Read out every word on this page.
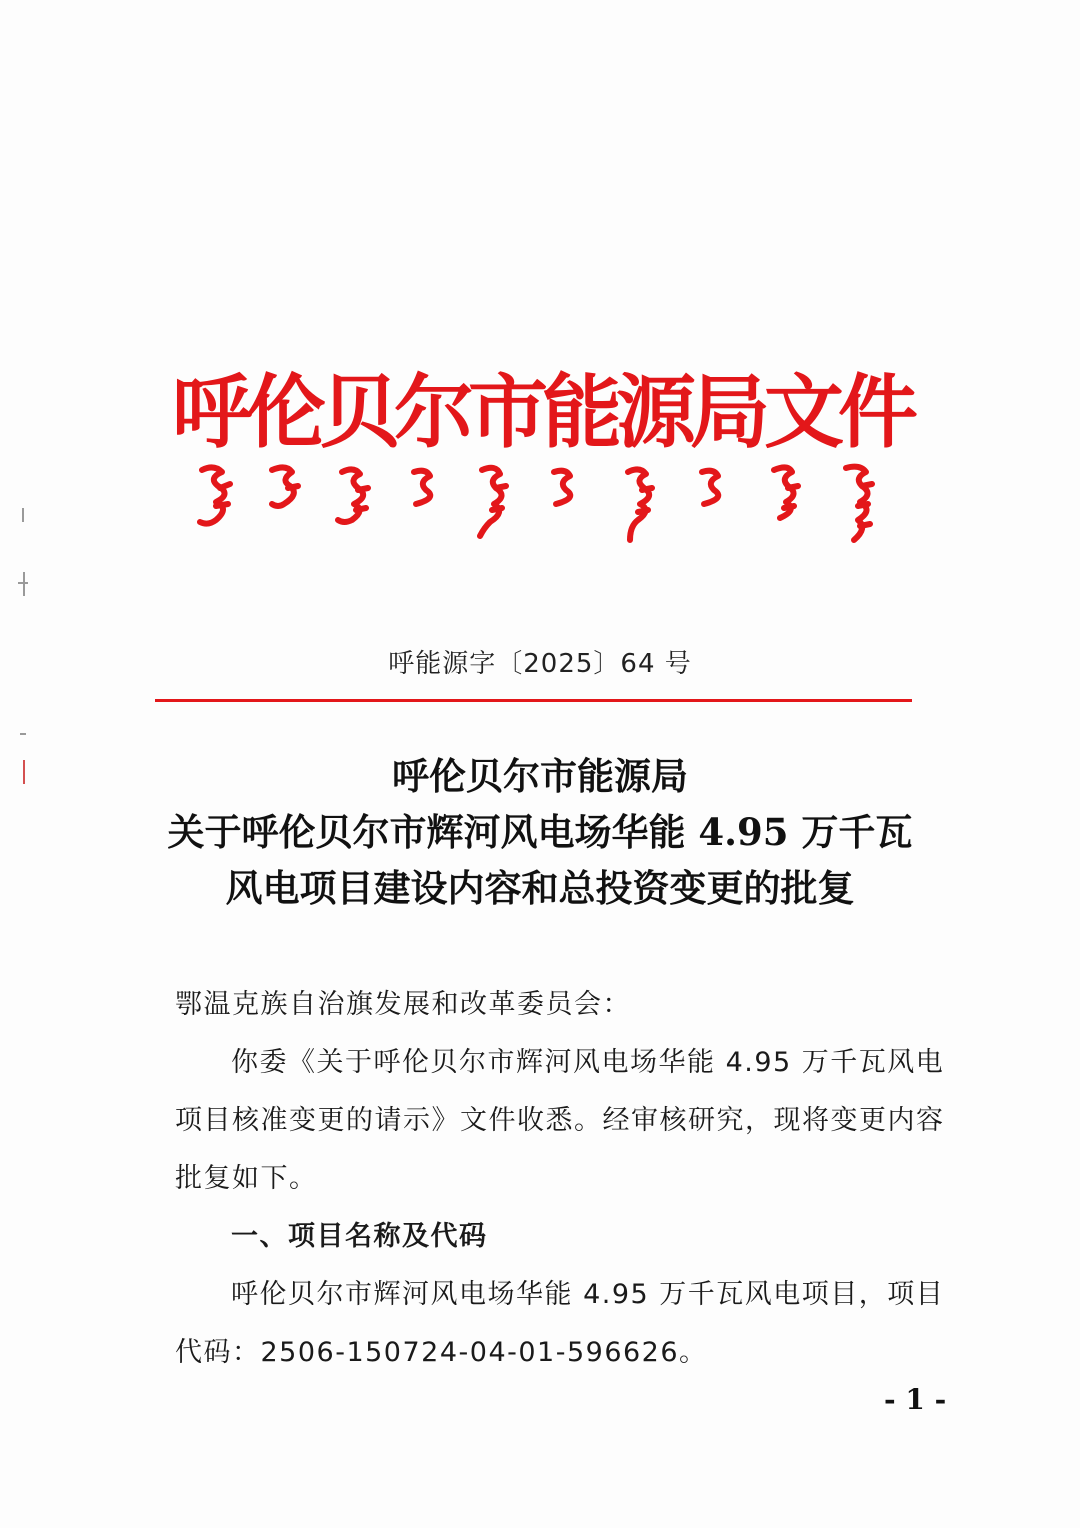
呼伦贝尔市能源局文件
呼能源字〔2025〕64 号
呼伦贝尔市能源局
关于呼伦贝尔市辉河风电场华能 4.95 万千瓦
风电项目建设内容和总投资变更的批复

鄂温克族自治旗发展和改革委员会：

你委《关于呼伦贝尔市辉河风电场华能 4.95 万千瓦风电项目核准变更的请示》文件收悉。经审核研究，现将变更内容批复如下。

一、项目名称及代码

呼伦贝尔市辉河风电场华能 4.95 万千瓦风电项目，项目代码：2506-150724-04-01-596626。

- 1 -
